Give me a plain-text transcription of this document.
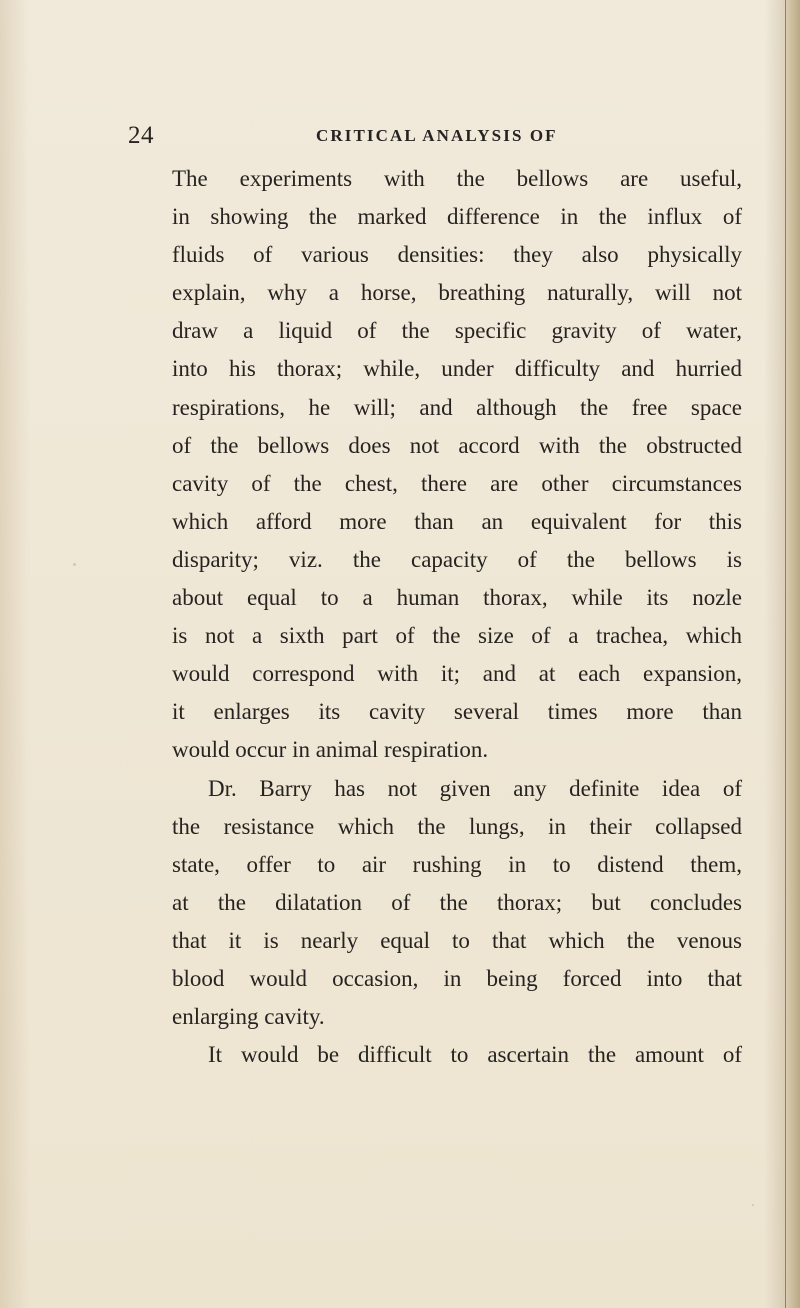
24	CRITICAL ANALYSIS OF
The experiments with the bellows are useful,
in showing the marked difference in the influx of
fluids of various densities: they also physically
explain, why a horse, breathing naturally, will not
draw a liquid of the specific gravity of water,
into his thorax; while, under difficulty and hurried
respirations, he will; and although the free space
of the bellows does not accord with the obstructed
cavity of the chest, there are other circumstances
which afford more than an equivalent for this
disparity; viz. the capacity of the bellows is
about equal to a human thorax, while its nozle
is not a sixth part of the size of a trachea, which
would correspond with it; and at each expansion,
it enlarges its cavity several times more than
would occur in animal respiration.
Dr. Barry has not given any definite idea of
the resistance which the lungs, in their collapsed
state, offer to air rushing in to distend them,
at the dilatation of the thorax; but concludes
that it is nearly equal to that which the venous
blood would occasion, in being forced into that
enlarging cavity.
It would be difficult to ascertain the amount of
